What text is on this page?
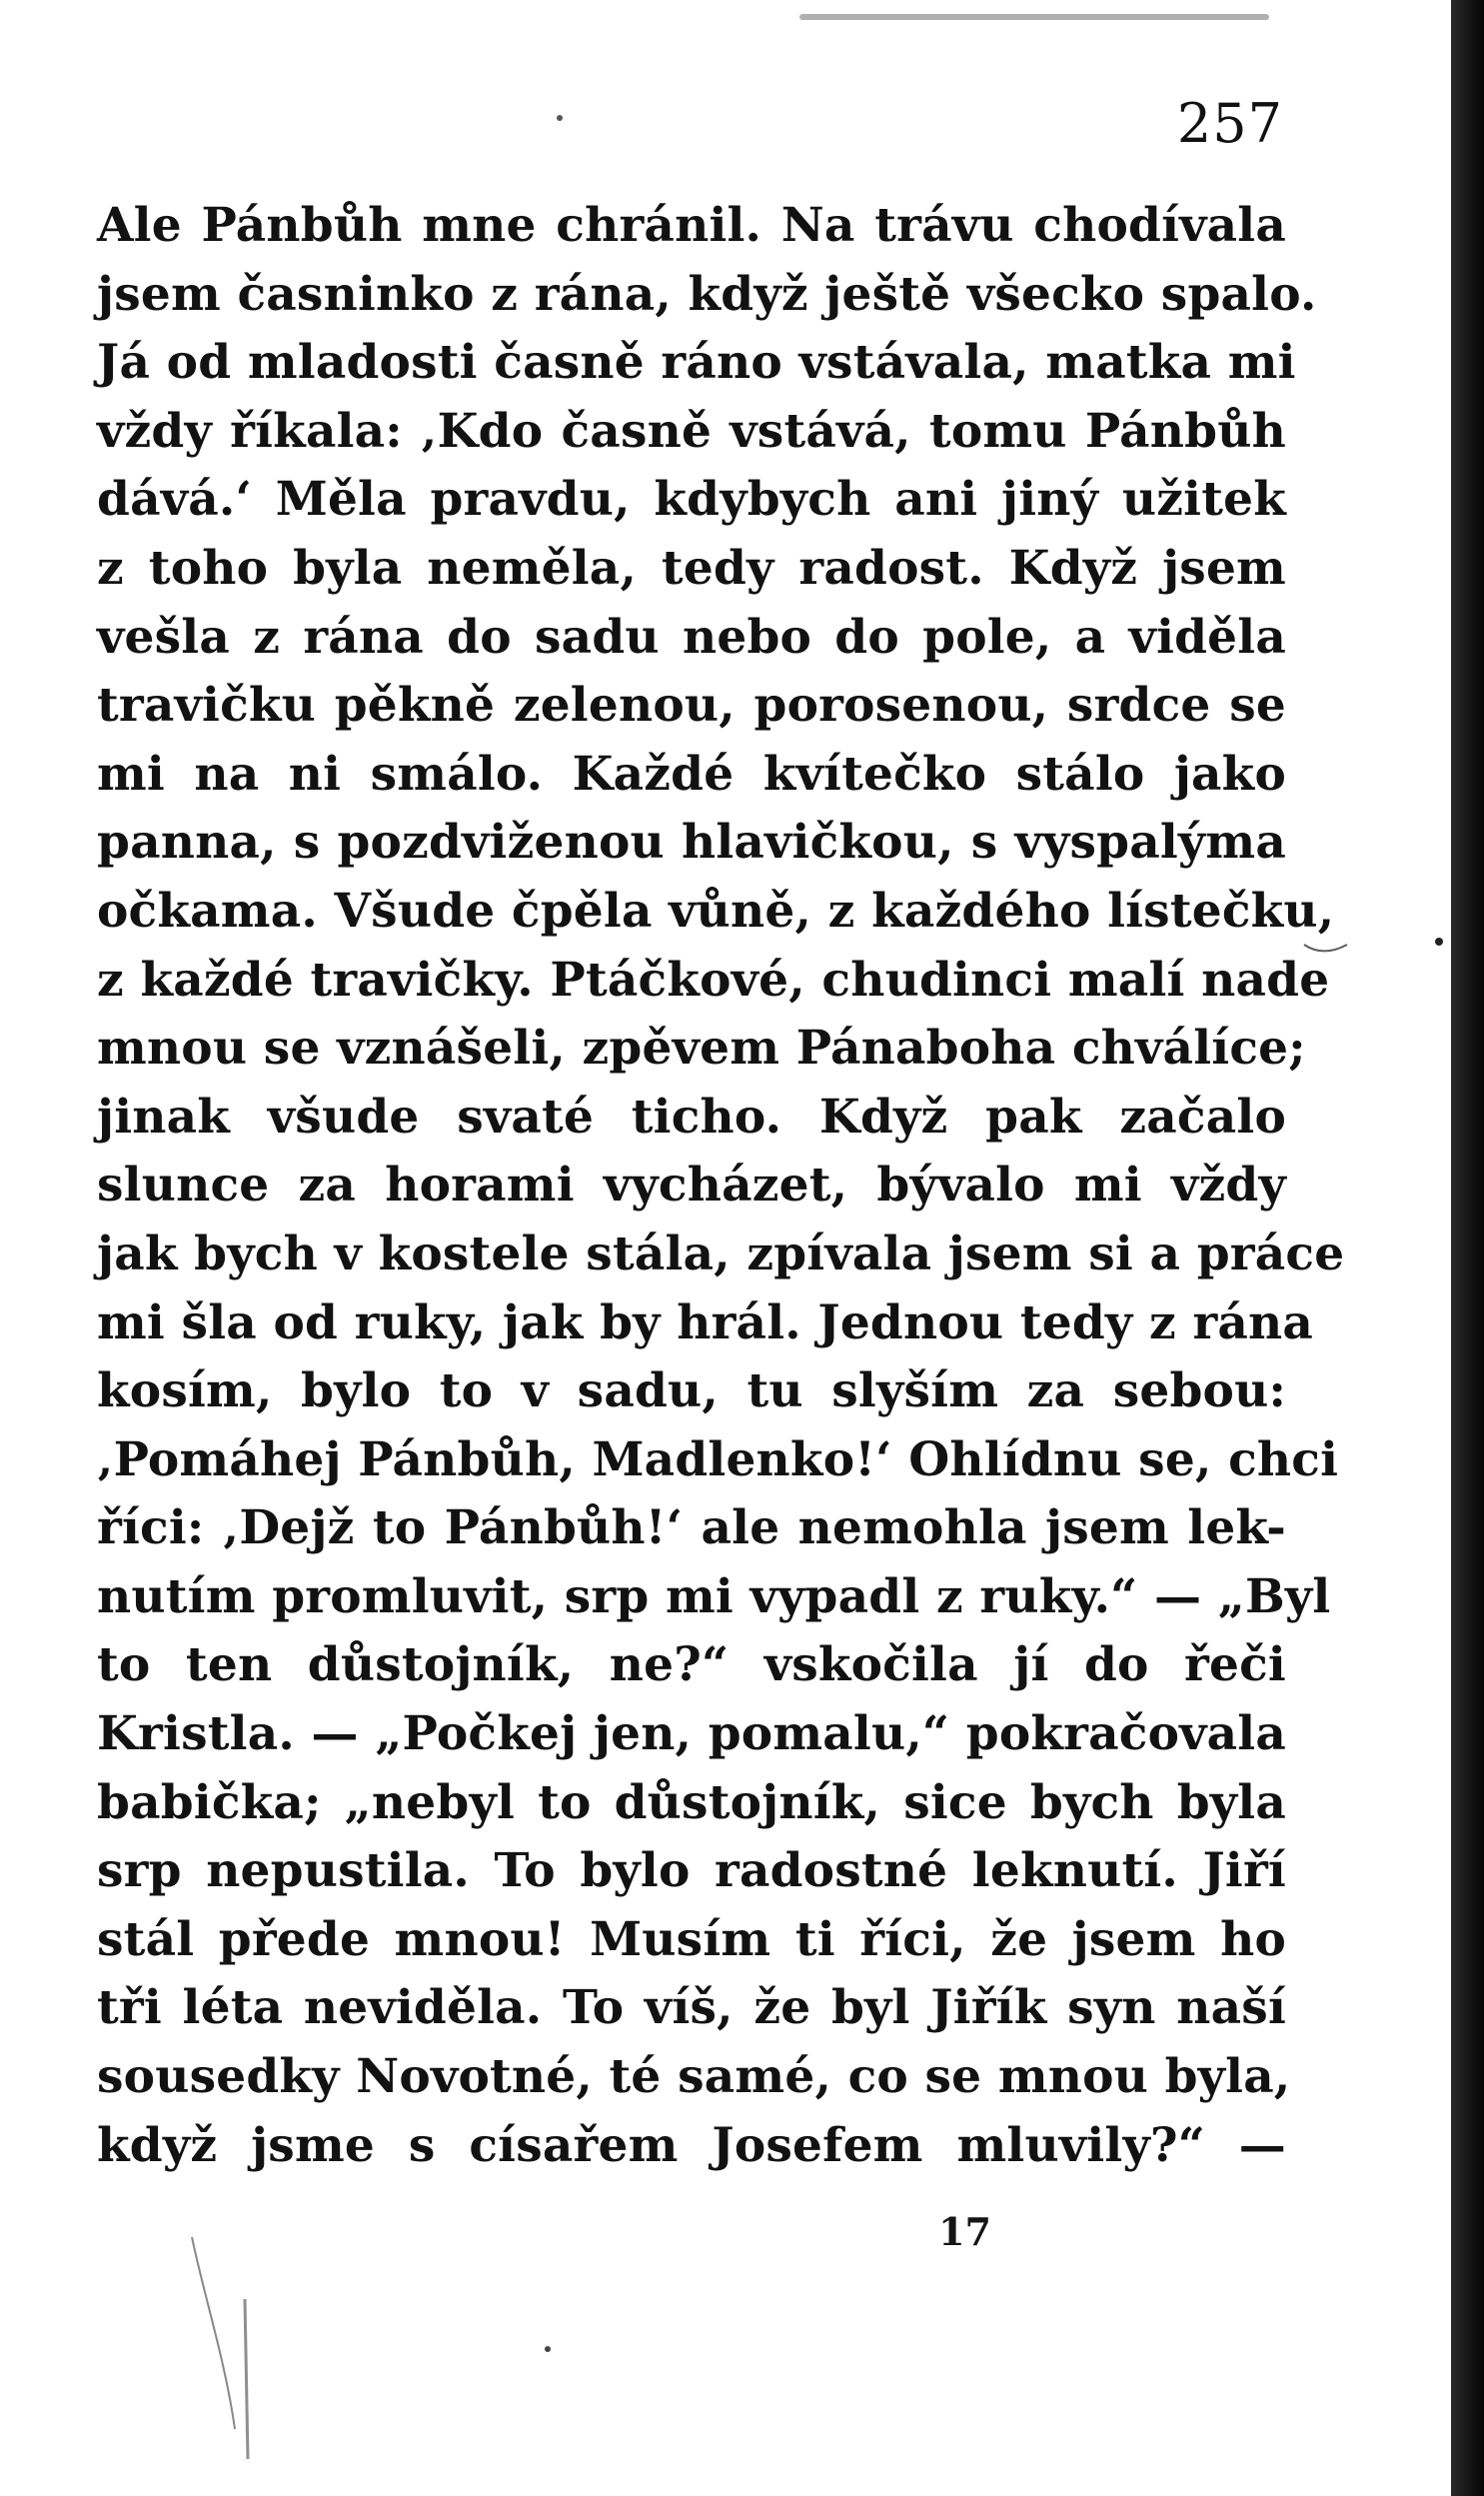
257
Ale Pánbůh mne chránil. Na trávu chodívala
jsem časninko z rána, když ještě všecko spalo.
Já od mladosti časně ráno vstávala, matka mi
vždy říkala: ‚Kdo časně vstává, tomu Pánbůh
dává.‘ Měla pravdu, kdybych ani jiný užitek
z toho byla neměla, tedy radost. Když jsem
vešla z rána do sadu nebo do pole, a viděla
travičku pěkně zelenou, porosenou, srdce se
mi na ni smálo. Každé kvítečko stálo jako
panna, s pozdviženou hlavičkou, s vyspalýma
očkama. Všude čpěla vůně, z každého lístečku,
z každé travičky. Ptáčkové, chudinci malí nade
mnou se vznášeli, zpěvem Pánaboha chválíce;
jinak všude svaté ticho. Když pak začalo
slunce za horami vycházet, bývalo mi vždy
jak bych v kostele stála, zpívala jsem si a práce
mi šla od ruky, jak by hrál. Jednou tedy z rána
kosím, bylo to v sadu, tu slyším za sebou:
‚Pomáhej Pánbůh, Madlenko!‘ Ohlídnu se, chci
říci: ‚Dejž to Pánbůh!‘ ale nemohla jsem lek-
nutím promluvit, srp mi vypadl z ruky.“ — „Byl
to ten důstojník, ne?“ vskočila jí do řeči
Kristla. — „Počkej jen, pomalu,“ pokračovala
babička; „nebyl to důstojník, sice bych byla
srp nepustila. To bylo radostné leknutí. Jiří
stál přede mnou! Musím ti říci, že jsem ho
tři léta neviděla. To víš, že byl Jiřík syn naší
sousedky Novotné, té samé, co se mnou byla,
když jsme s císařem Josefem mluvily?“ —
17
